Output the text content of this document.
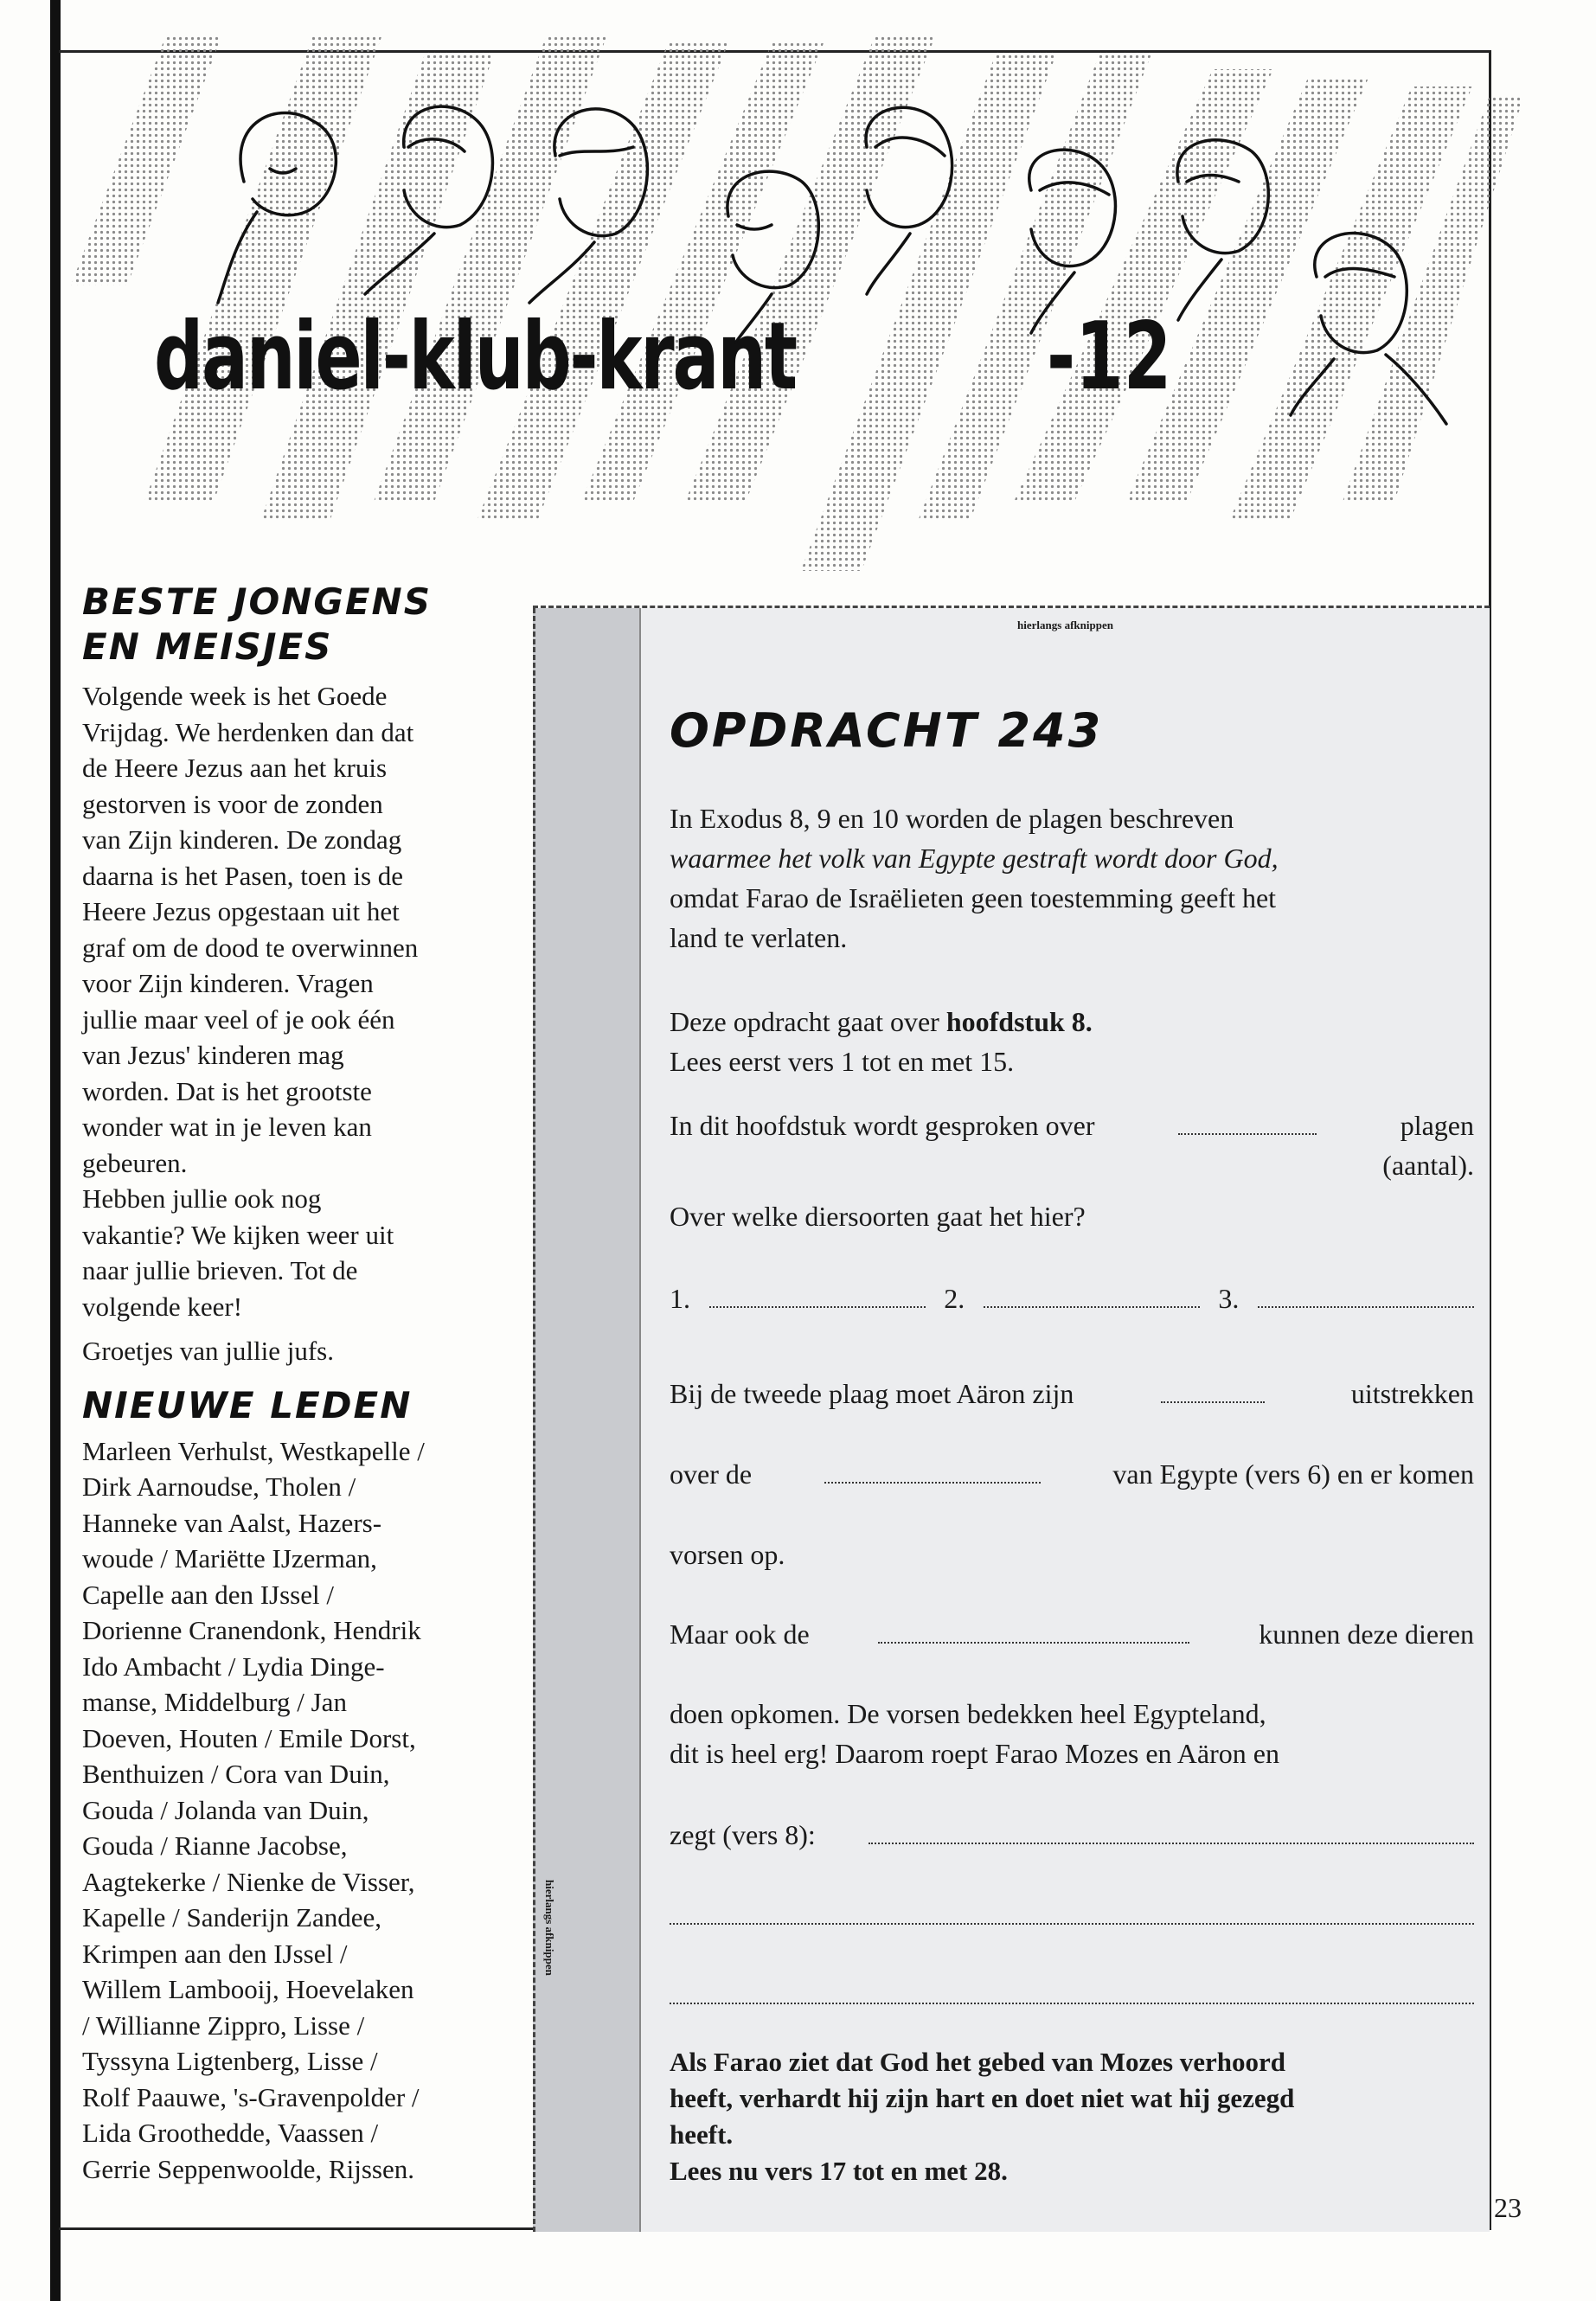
daniel-klub-krant	-12
BESTE JONGENS
EN MEISJES
Volgende week is het Goede
Vrijdag. We herdenken dan dat
de Heere Jezus aan het kruis
gestorven is voor de zonden
van Zijn kinderen. De zondag
daarna is het Pasen, toen is de
Heere Jezus opgestaan uit het
graf om de dood te overwinnen
voor Zijn kinderen. Vragen
jullie maar veel of je ook één
van Jezus' kinderen mag
worden. Dat is het grootste
wonder wat in je leven kan
gebeuren.
Hebben jullie ook nog
vakantie? We kijken weer uit
naar jullie brieven. Tot de
volgende keer!
Groetjes van jullie jufs.
NIEUWE LEDEN
Marleen Verhulst, Westkapelle /
Dirk Aarnoudse, Tholen /
Hanneke van Aalst, Hazers-
woude / Mariëtte IJzerman,
Capelle aan den IJssel /
Dorienne Cranendonk, Hendrik
Ido Ambacht / Lydia Dinge-
manse, Middelburg / Jan
Doeven, Houten / Emile Dorst,
Benthuizen / Cora van Duin,
Gouda / Jolanda van Duin,
Gouda / Rianne Jacobse,
Aagtekerke / Nienke de Visser,
Kapelle / Sanderijn Zandee,
Krimpen aan den IJssel /
Willem Lambooij, Hoevelaken
/ Willianne Zippro, Lisse /
Tyssyna Ligtenberg, Lisse /
Rolf Paauwe, 's-Gravenpolder /
Lida Groothedde, Vaassen /
Gerrie Seppenwoolde, Rijssen.
hierlangs afknippen
hierlangs afknippen
OPDRACHT 243
In Exodus 8, 9 en 10 worden de plagen beschreven
waarmee het volk van Egypte gestraft wordt door God,
omdat Farao de Israëlieten geen toestemming geeft het
land te verlaten.
Deze opdracht gaat over hoofdstuk 8.
Lees eerst vers 1 tot en met 15.
In dit hoofdstuk wordt gesproken over	plagen
(aantal).
Over welke diersoorten gaat het hier?
1.	2.	3.
Bij de tweede plaag moet Aäron zijn	uitstrekken
over de	van Egypte (vers 6) en er komen
vorsen op.
Maar ook de	kunnen deze dieren
doen opkomen. De vorsen bedekken heel Egypteland,
dit is heel erg! Daarom roept Farao Mozes en Aäron en
zegt (vers 8):
Als Farao ziet dat God het gebed van Mozes verhoord
heeft, verhardt hij zijn hart en doet niet wat hij gezegd
heeft.
Lees nu vers 17 tot en met 28.
23
